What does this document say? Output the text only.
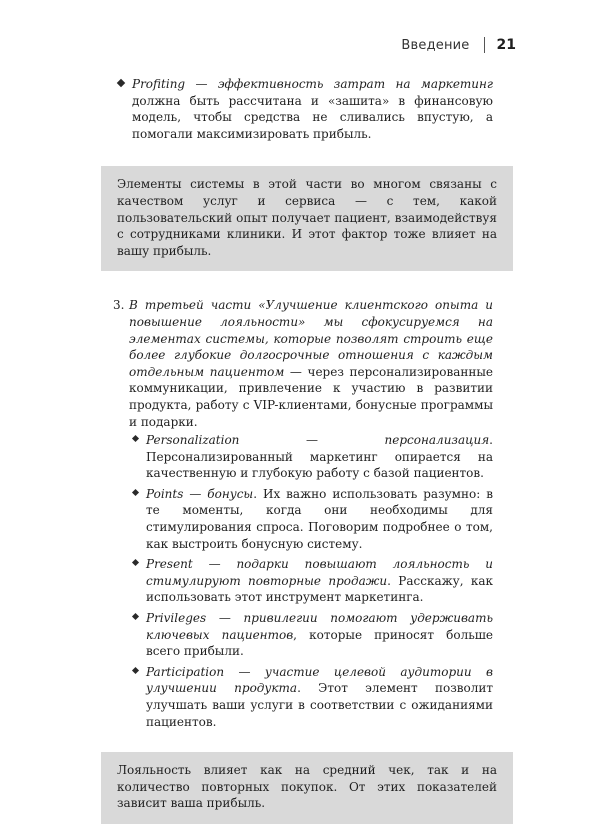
Введение 21
Profiting — эффективность затрат на маркетинг должна быть рассчитана и «зашита» в финансовую модель, чтобы средства не сливались впустую, а помогали максимизировать прибыль.
Элементы системы в этой части во многом связаны с качеством услуг и сервиса — с тем, какой пользовательский опыт получает пациент, взаимодействуя с сотрудниками клиники. И этот фактор тоже влияет на вашу прибыль.
3. В третьей части «Улучшение клиентского опыта и повышение лояльности» мы сфокусируемся на элементах системы, которые позволят строить еще более глубокие долгосрочные отношения с каждым отдельным пациентом — через персонализированные коммуникации, привлечение к участию в развитии продукта, работу с VIP-клиентами, бонусные программы и подарки.
Personalization — персонализация. Персонализированный маркетинг опирается на качественную и глубокую работу с базой пациентов.
Points — бонусы. Их важно использовать разумно: в те моменты, когда они необходимы для стимулирования спроса. Поговорим подробнее о том, как выстроить бонусную систему.
Present — подарки повышают лояльность и стимулируют повторные продажи. Расскажу, как использовать этот инструмент маркетинга.
Privileges — привилегии помогают удерживать ключевых пациентов, которые приносят больше всего прибыли.
Participation — участие целевой аудитории в улучшении продукта. Этот элемент позволит улучшать ваши услуги в соответствии с ожиданиями пациентов.
Лояльность влияет как на средний чек, так и на количество повторных покупок. От этих показателей зависит ваша прибыль.
